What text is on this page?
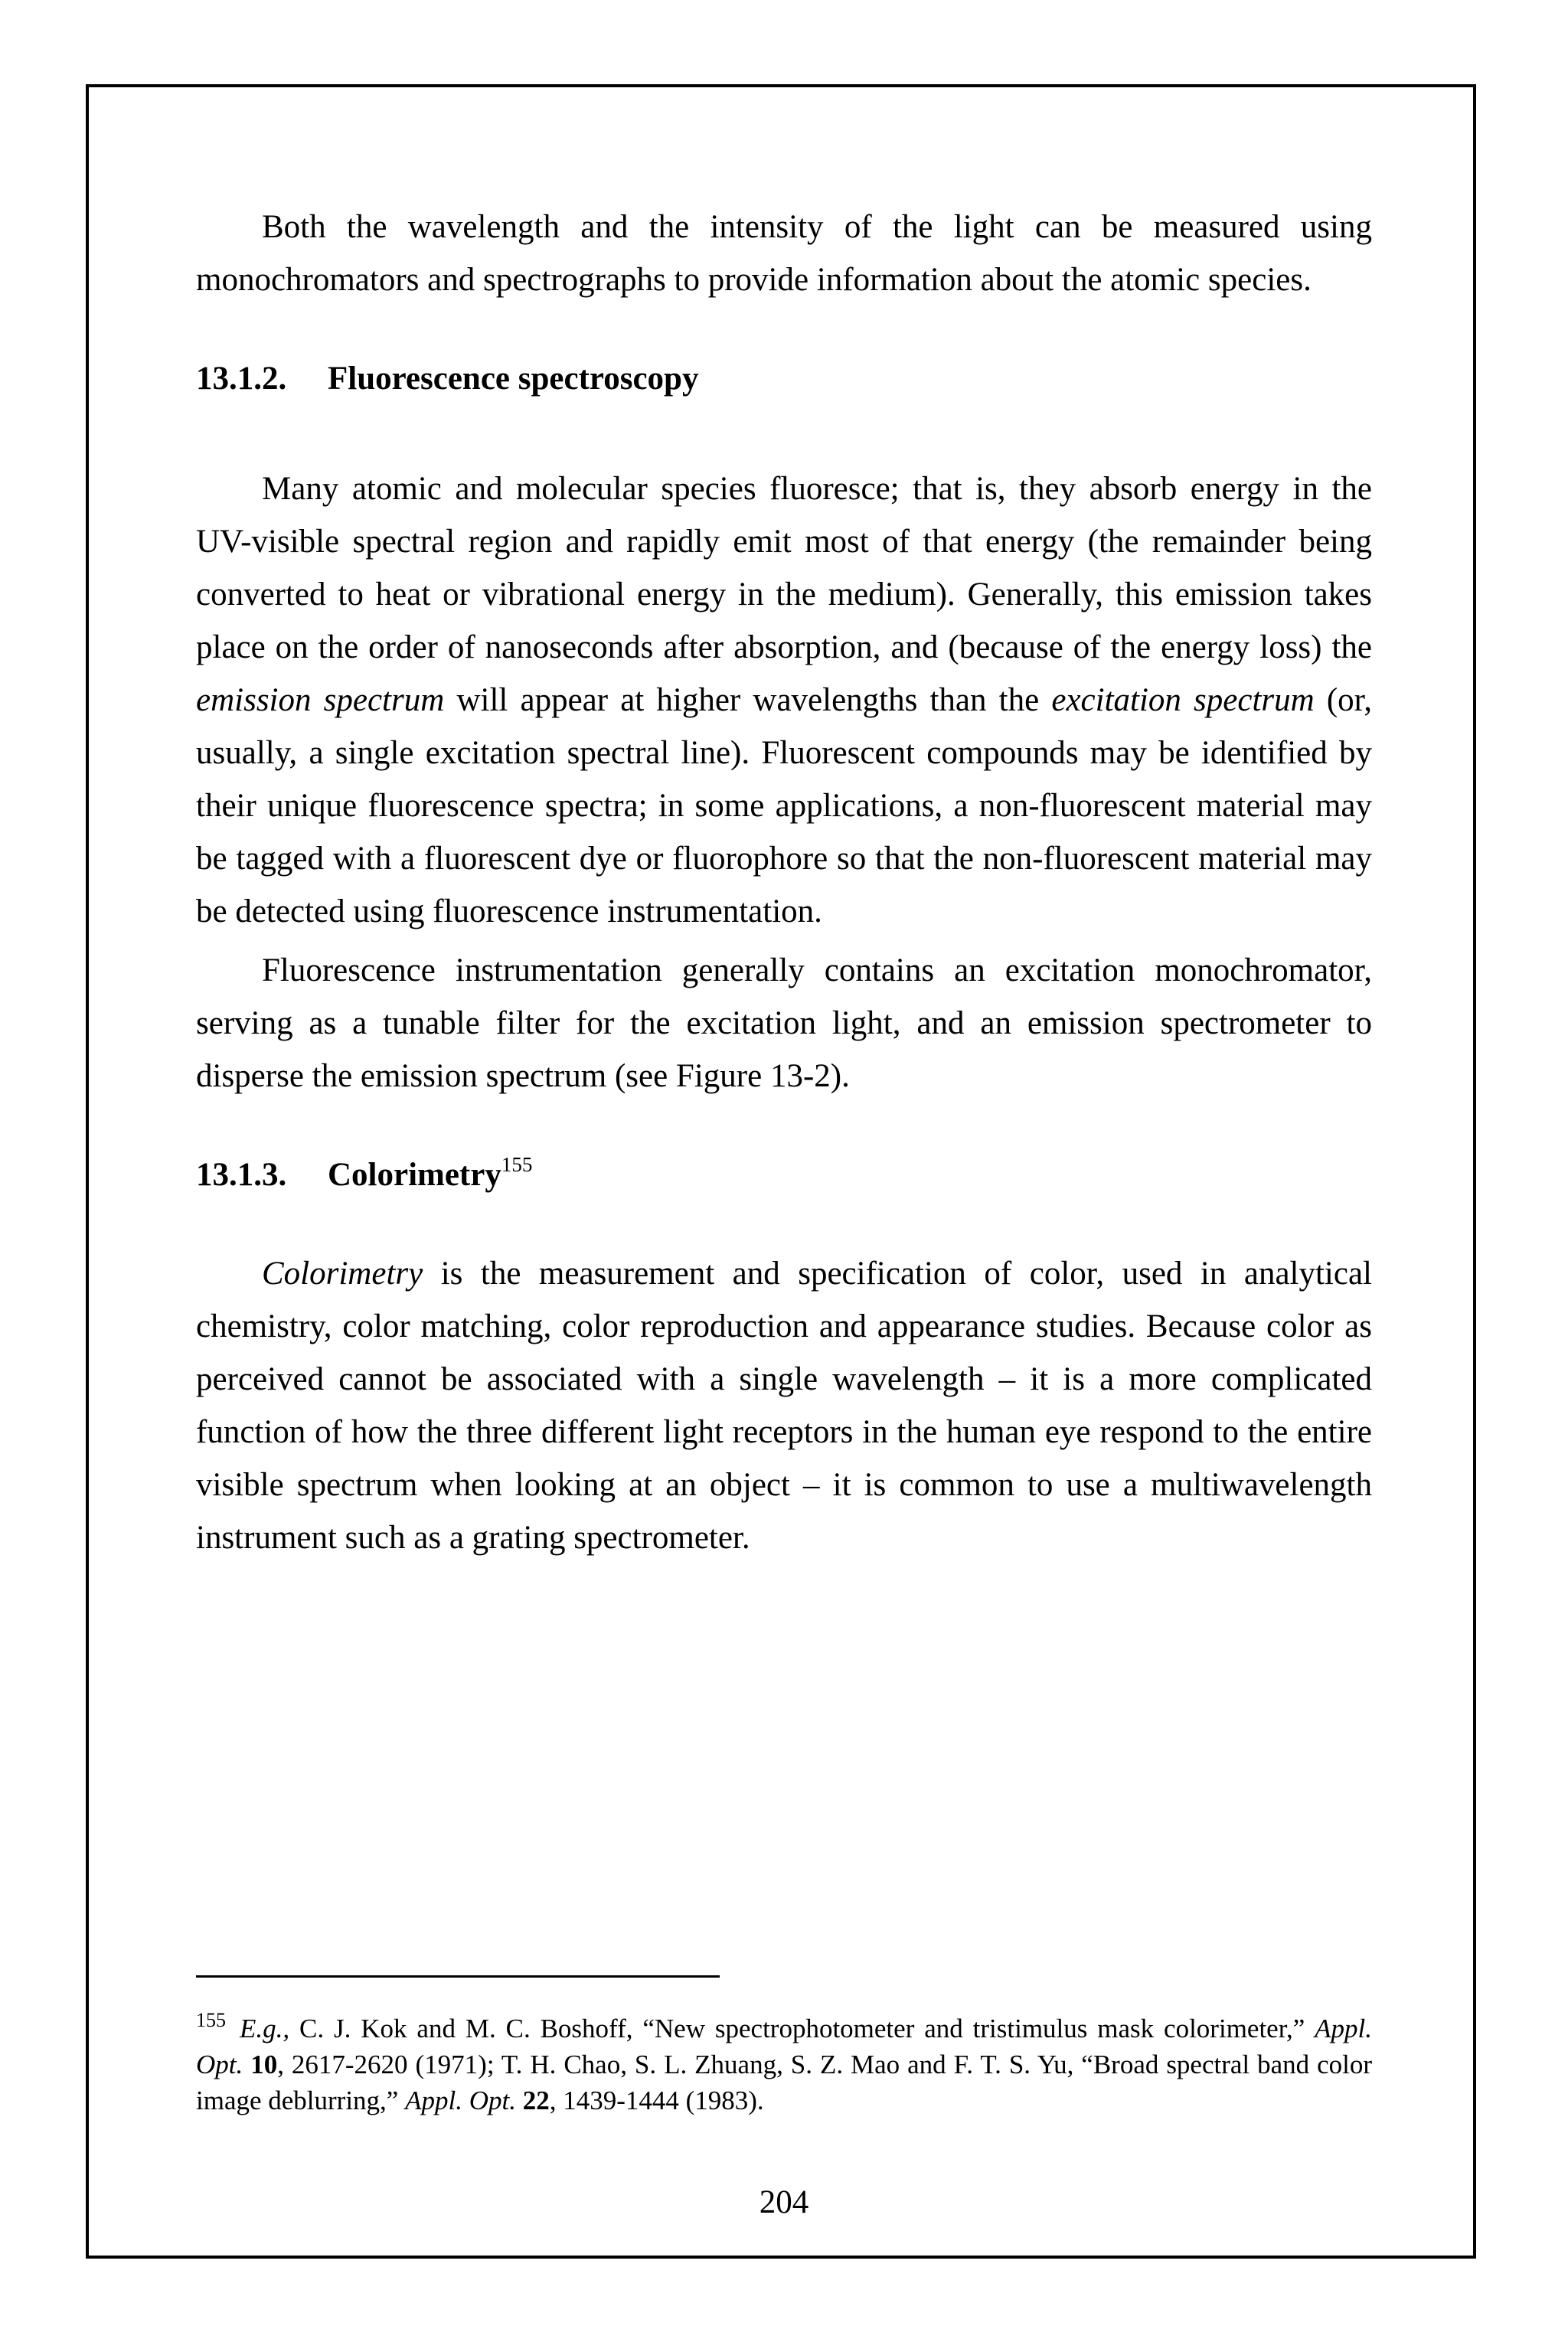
Both the wavelength and the intensity of the light can be measured using monochromators and spectrographs to provide information about the atomic species.

13.1.2. Fluorescence spectroscopy

Many atomic and molecular species fluoresce; that is, they absorb energy in the UV-visible spectral region and rapidly emit most of that energy (the remainder being converted to heat or vibrational energy in the medium). Generally, this emission takes place on the order of nanoseconds after absorption, and (because of the energy loss) the emission spectrum will appear at higher wavelengths than the excitation spectrum (or, usually, a single excitation spectral line). Fluorescent compounds may be identified by their unique fluorescence spectra; in some applications, a non-fluorescent material may be tagged with a fluorescent dye or fluorophore so that the non-fluorescent material may be detected using fluorescence instrumentation.

Fluorescence instrumentation generally contains an excitation monochromator, serving as a tunable filter for the excitation light, and an emission spectrometer to disperse the emission spectrum (see Figure 13-2).

13.1.3. Colorimetry$^{155}$

Colorimetry is the measurement and specification of color, used in analytical chemistry, color matching, color reproduction and appearance studies. Because color as perceived cannot be associated with a single wavelength – it is a more complicated function of how the three different light receptors in the human eye respond to the entire visible spectrum when looking at an object – it is common to use a multiwavelength instrument such as a grating spectrometer.

$^{155}$ E.g., C. J. Kok and M. C. Boshoff, “New spectrophotometer and tristimulus mask colorimeter,” Appl. Opt. 10, 2617-2620 (1971); T. H. Chao, S. L. Zhuang, S. Z. Mao and F. T. S. Yu, “Broad spectral band color image deblurring,” Appl. Opt. 22, 1439-1444 (1983).

204
